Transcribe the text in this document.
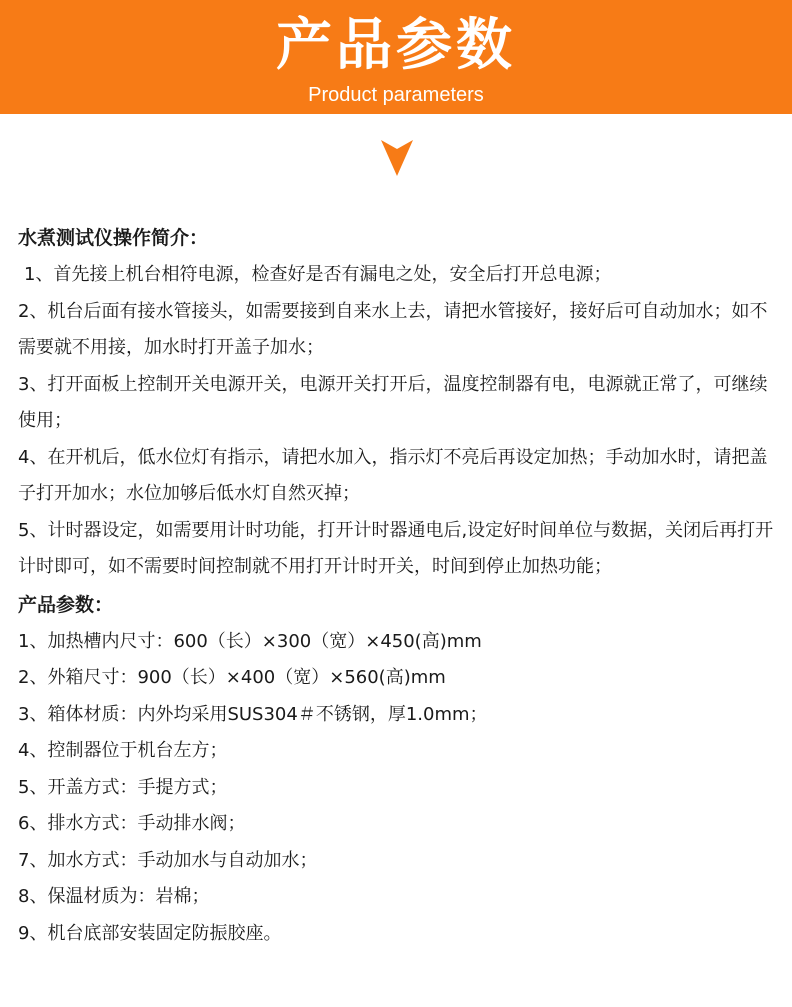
产品参数
Product parameters
水煮测试仪操作简介：
1、首先接上机台相符电源，检查好是否有漏电之处，安全后打开总电源；
2、机台后面有接水管接头，如需要接到自来水上去，请把水管接好，接好后可自动加水；如不需要就不用接，加水时打开盖子加水；
3、打开面板上控制开关电源开关，电源开关打开后，温度控制器有电，电源就正常了，可继续使用；
4、在开机后，低水位灯有指示，请把水加入，指示灯不亮后再设定加热；手动加水时，请把盖子打开加水；水位加够后低水灯自然灭掉；
5、计时器设定，如需要用计时功能，打开计时器通电后,设定好时间单位与数据，关闭后再打开计时即可，如不需要时间控制就不用打开计时开关，时间到停止加热功能；
产品参数：
1、加热槽内尺寸：600（长）×300（宽）×450(高)mm
2、外箱尺寸：900（长）×400（宽）×560(高)mm
3、箱体材质：内外均采用SUS304＃不锈钢，厚1.0mm；
4、控制器位于机台左方；
5、开盖方式：手提方式；
6、排水方式：手动排水阀；
7、加水方式：手动加水与自动加水；
8、保温材质为：岩棉；
9、机台底部安装固定防振胶座。
